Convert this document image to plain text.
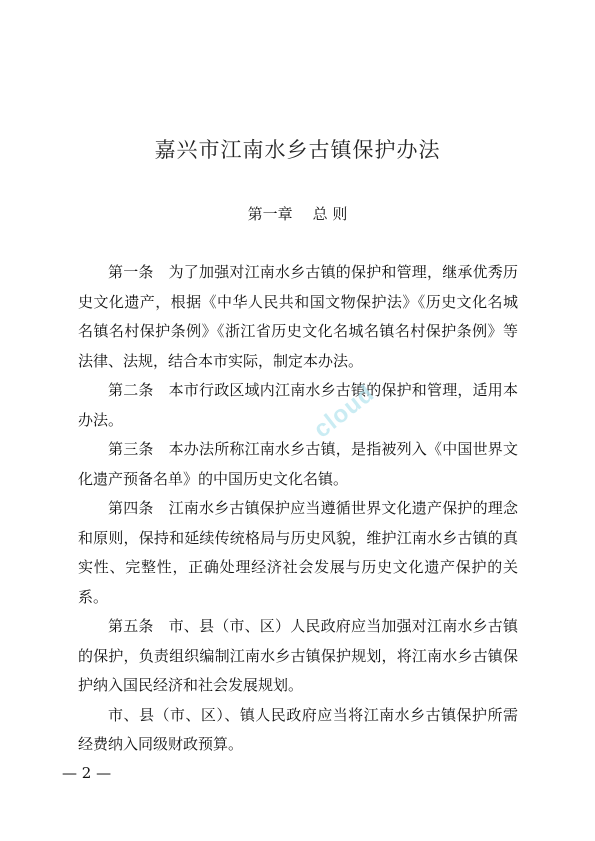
嘉兴市江南水乡古镇保护办法
第一章 总 则

第一条 为了加强对江南水乡古镇的保护和管理，继承优秀历史文化遗产，根据《中华人民共和国文物保护法》《历史文化名城名镇名村保护条例》《浙江省历史文化名城名镇名村保护条例》等法律、法规，结合本市实际，制定本办法。

第二条 本市行政区域内江南水乡古镇的保护和管理，适用本办法。

第三条 本办法所称江南水乡古镇，是指被列入《中国世界文化遗产预备名单》的中国历史文化名镇。

第四条 江南水乡古镇保护应当遵循世界文化遗产保护的理念和原则，保持和延续传统格局与历史风貌，维护江南水乡古镇的真实性、完整性，正确处理经济社会发展与历史文化遗产保护的关系。

第五条 市、县（市、区）人民政府应当加强对江南水乡古镇的保护，负责组织编制江南水乡古镇保护规划，将江南水乡古镇保护纳入国民经济和社会发展规划。

市、县（市、区）、镇人民政府应当将江南水乡古镇保护所需经费纳入同级财政预算。

cloud
— 2 —
